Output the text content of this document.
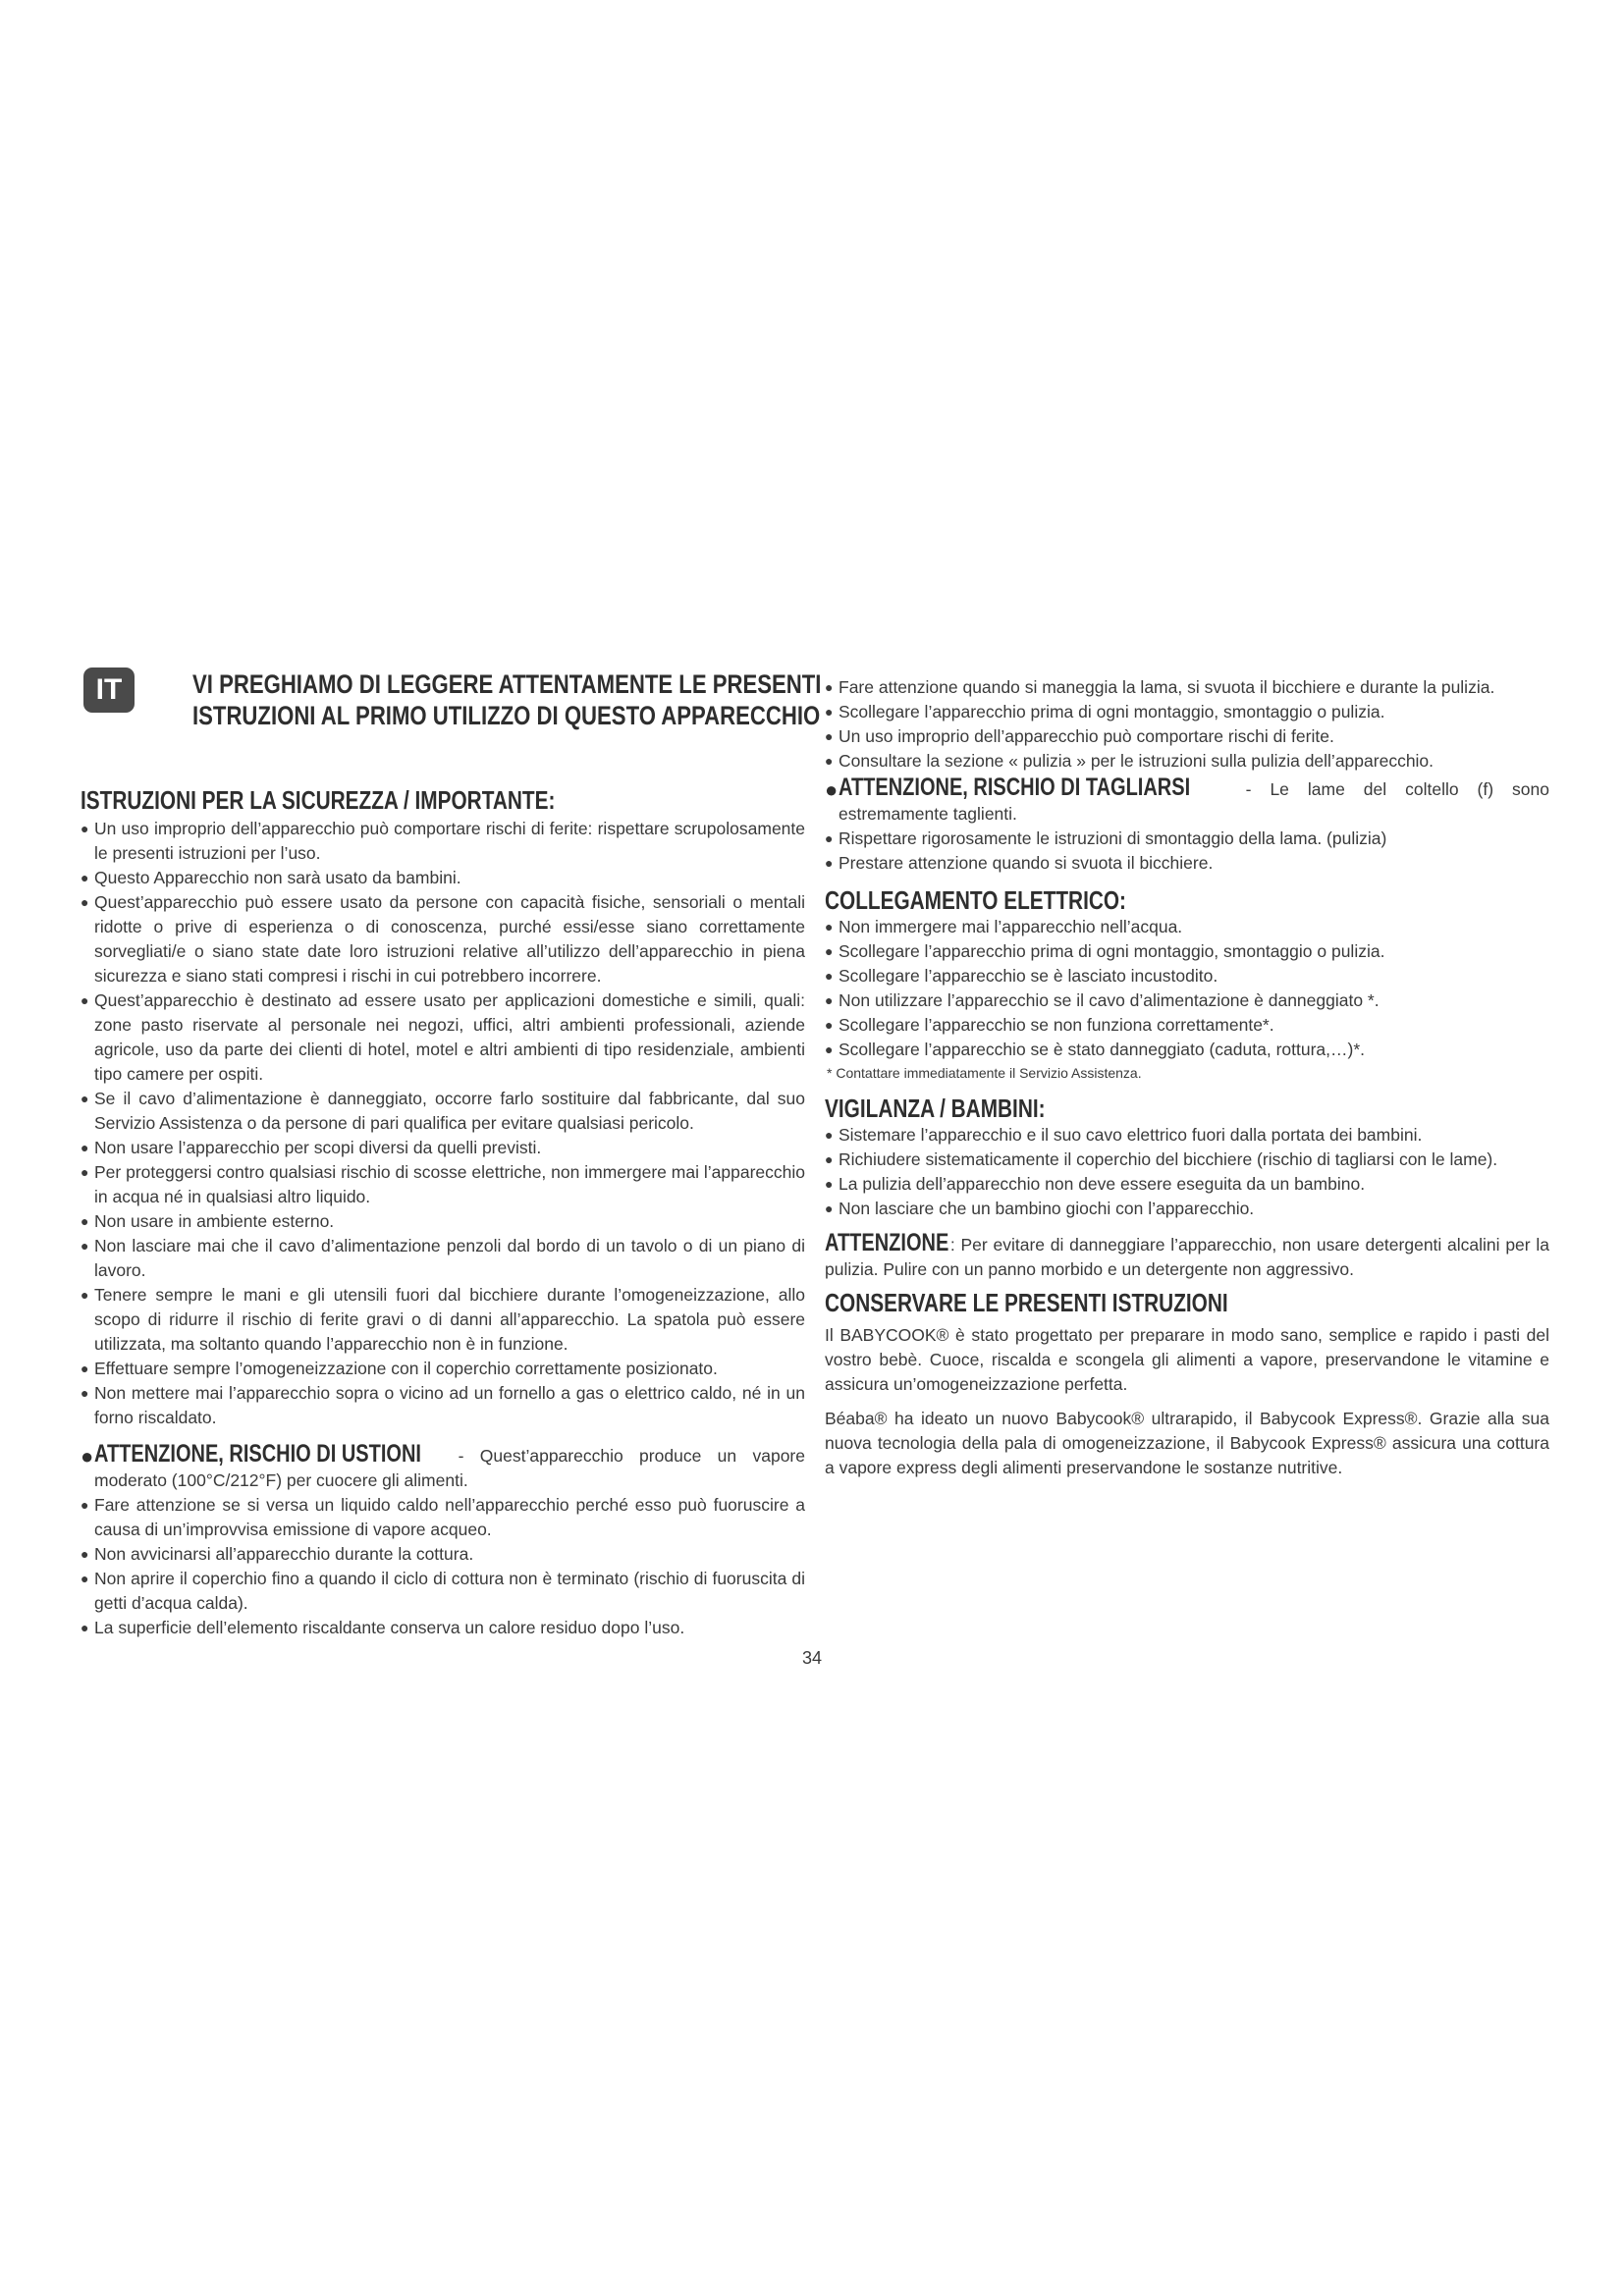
IT	VI PREGHIAMO DI LEGGERE ATTENTAMENTE LE PRESENTI
ISTRUZIONI AL PRIMO UTILIZZO DI QUESTO APPARECCHIO
ISTRUZIONI PER LA SICUREZZA / IMPORTANTE:
● Un uso improprio dell’apparecchio può comportare rischi di ferite: rispettare scrupolosamente le presenti istruzioni per l’uso.
● Questo Apparecchio non sarà usato da bambini.
● Quest’apparecchio può essere usato da persone con capacità fisiche, sensoriali o mentali ridotte o prive di esperienza o di conoscenza, purché essi/esse siano correttamente sorvegliati/e o siano state date loro istruzioni relative all’utilizzo dell’apparecchio in piena sicurezza e siano stati compresi i rischi in cui potrebbero incorrere.
● Quest’apparecchio è destinato ad essere usato per applicazioni domestiche e simili, quali: zone pasto riservate al personale nei negozi, uffici, altri ambienti professionali, aziende agricole, uso da parte dei clienti di hotel, motel e altri ambienti di tipo residenziale, ambienti tipo camere per ospiti.
● Se il cavo d’alimentazione è danneggiato, occorre farlo sostituire dal fabbricante, dal suo Servizio Assistenza o da persone di pari qualifica per evitare qualsiasi pericolo.
● Non usare l’apparecchio per scopi diversi da quelli previsti.
● Per proteggersi contro qualsiasi rischio di scosse elettriche, non immergere mai l’apparecchio in acqua né in qualsiasi altro liquido.
● Non usare in ambiente esterno.
● Non lasciare mai che il cavo d’alimentazione penzoli dal bordo di un tavolo o di un piano di lavoro.
● Tenere sempre le mani e gli utensili fuori dal bicchiere durante l’omogeneizzazione, allo scopo di ridurre il rischio di ferite gravi o di danni all’apparecchio. La spatola può essere utilizzata, ma soltanto quando l’apparecchio non è in funzione.
● Effettuare sempre l’omogeneizzazione con il coperchio correttamente posizionato.
● Non mettere mai l’apparecchio sopra o vicino ad un fornello a gas o elettrico caldo, né in un forno riscaldato.
● ATTENZIONE, RISCHIO DI USTIONI - Quest’apparecchio produce un vapore moderato (100°C/212°F) per cuocere gli alimenti.
● Fare attenzione se si versa un liquido caldo nell’apparecchio perché esso può fuoruscire a causa di un’improvvisa emissione di vapore acqueo.
● Non avvicinarsi all’apparecchio durante la cottura.
● Non aprire il coperchio fino a quando il ciclo di cottura non è terminato (rischio di fuoruscita di getti d’acqua calda).
● La superficie dell’elemento riscaldante conserva un calore residuo dopo l’uso.
● Fare attenzione quando si maneggia la lama, si svuota il bicchiere e durante la pulizia.
● Scollegare l’apparecchio prima di ogni montaggio, smontaggio o pulizia.
● Un uso improprio dell’apparecchio può comportare rischi di ferite.
● Consultare la sezione « pulizia » per le istruzioni sulla pulizia dell’apparecchio.
● ATTENZIONE, RISCHIO DI TAGLIARSI - Le lame del coltello (f) sono estremamente taglienti.
● Rispettare rigorosamente le istruzioni di smontaggio della lama. (pulizia)
● Prestare attenzione quando si svuota il bicchiere.
COLLEGAMENTO ELETTRICO:
● Non immergere mai l’apparecchio nell’acqua.
● Scollegare l’apparecchio prima di ogni montaggio, smontaggio o pulizia.
● Scollegare l’apparecchio se è lasciato incustodito.
● Non utilizzare l’apparecchio se il cavo d’alimentazione è danneggiato *.
● Scollegare l’apparecchio se non funziona correttamente*.
● Scollegare l’apparecchio se è stato danneggiato (caduta, rottura,…)*.
* Contattare immediatamente il Servizio Assistenza.
VIGILANZA / BAMBINI:
● Sistemare l’apparecchio e il suo cavo elettrico fuori dalla portata dei bambini.
● Richiudere sistematicamente il coperchio del bicchiere (rischio di tagliarsi con le lame).
● La pulizia dell’apparecchio non deve essere eseguita da un bambino.
● Non lasciare che un bambino giochi con l’apparecchio.

ATTENZIONE: Per evitare di danneggiare l’apparecchio, non usare detergenti alcalini per la pulizia. Pulire con un panno morbido e un detergente non aggressivo.

CONSERVARE LE PRESENTI ISTRUZIONI

Il BABYCOOK® è stato progettato per preparare in modo sano, semplice e rapido i pasti del vostro bebè. Cuoce, riscalda e scongela gli alimenti a vapore, preservandone le vitamine e assicura un’omogeneizzazione perfetta.

Béaba® ha ideato un nuovo Babycook® ultrarapido, il Babycook Express®. Grazie alla sua nuova tecnologia della pala di omogeneizzazione, il Babycook Express® assicura una cottura a vapore express degli alimenti preservandone le sostanze nutritive.

34
